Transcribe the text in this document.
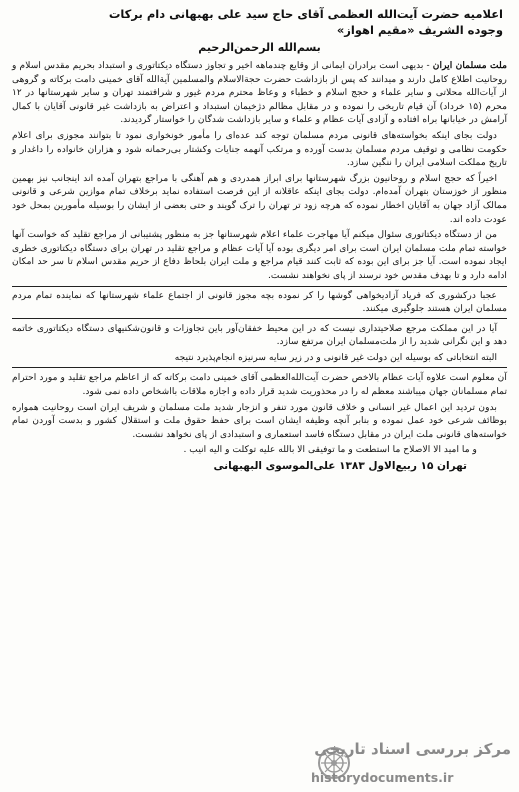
اعلامیه حضرت آیت‌الله العظمی آقای حاج سید علی بهبهانی دام برکات
وجوده الشریف «مقیم اهواز»
بسم‌الله الرحمن‌الرحیم

ملت مسلمان ایران - بدیهی است برادران ایمانی از وقایع چندماهه اخیر و تجاوز دستگاه دیکتاتوری و استبداد بحریم مقدس اسلام و روحانیت اطلاع کامل دارند و میدانند که پس از بازداشت حضرت حجة‌الاسلام والمسلمین آیة‌الله آقای خمینی دامت برکاته و گروهی از آیات‌الله محلاتی و سایر علماء و حجج اسلام و خطباء و وعاظ محترم مردم غیور و شرافتمند تهران و سایر شهرستانها در ۱۲ محرم (۱۵ خرداد) آن قیام تاریخی را نموده و در مقابل مظالم دژخیمان استبداد و اعتراض به بازداشت غیر قانونی آقایان با کمال آرامش در خیابانها براه افتاده و آزادی آیات عظام و علماء و سایر بازداشت شدگان را خواستار گردیدند.

دولت بجای اینکه بخواسته‌های قانونی مردم مسلمان توجه کند عده‌ای را مأمور خونخواری نمود تا بتوانند مجوزی برای اعلام حکومت نظامی و توقیف مردم مسلمان بدست آورده و مرتکب آنهمه جنایات وکشتار بی‌رحمانه شود و هزاران خانواده را داغدار و تاریخ مملکت اسلامی ایران را ننگین سازد.

اخیراً که حجج اسلام و روحانیون بزرگ شهرستانها برای ابراز همدردی و هم آهنگی با مراجع بتهران آمده اند اینجانب نیز بهمین منظور از خوزستان بتهران آمده‌ام. دولت بجای اینکه عاقلانه از این فرصت استفاده نماید برخلاف تمام موازین شرعی و قانونی ممالک آزاد جهان به آقایان اخطار نموده که هرچه زود تر تهران را ترک گویند و حتی بعضی از ایشان را بوسیله مأمورین بمحل خود عودت داده اند.

من از دستگاه دیکتاتوری سئوال میکنم آیا مهاجرت علماء اعلام شهرستانها جز به منظور پشتیبانی از مراجع تقلید که خواست آنها خواسته تمام ملت مسلمان ایران است برای امر دیگری بوده آیا آیات عظام و مراجع تقلید در تهران برای دستگاه دیکتاتوری خطری ایجاد نموده است. آیا جز برای این بوده که ثابت کنند قیام مراجع و ملت ایران بلحاظ دفاع از حریم مقدس اسلام تا سر حد امکان ادامه دارد و تا بهدف مقدس خود نرسند از پای نخواهند نشست.

عجبا درکشوری که فریاد آزادیخواهی گوشها را کر نموده بچه مجوز قانونی از اجتماع علماء شهرستانها که نماینده تمام مردم مسلمان ایران هستند جلوگیری میکنند.

آیا در این مملکت مرجع صلاحیتداری نیست که در این محیط خفقان‌آور باین تجاوزات و قانون‌شکنیهای دستگاه دیکتاتوری خاتمه دهد و این نگرانی شدید را از ملت‌مسلمان ایران مرتفع سازد.

البته انتخاباتی که بوسیله این دولت غیر قانونی و در زیر سایه سرنیزه انجام‌پذیرد نتیجه

آن معلوم است علاوه آیات عظام بالاخص حضرت آیت‌الله‌العظمی آقای خمینی دامت برکاته که از اعاظم مراجع تقلید و مورد احترام تمام مسلمانان جهان میباشند معظم له را در محذوریت شدید قرار داده و اجازه ملاقات بااشخاص داده نمی شود.

بدون تردید این اعمال غیر انسانی و خلاف قانون مورد تنفر و انزجار شدید ملت مسلمان و شریف ایران است روحانیت همواره بوظائف شرعی خود عمل نموده و بنابر آنچه وظیفه ایشان است برای حفظ حقوق ملت و استقلال کشور و بدست آوردن تمام خواسته‌های قانونی ملت ایران در مقابل دستگاه فاسد استعماری و استبدادی از پای نخواهد نشست.

و ما امید الا الاصلاح ما استطعت و ما توفیقی الا بالله علیه توکلت و الیه انیب .
تهران ۱۵ ربیع‌الاول ۱۳۸۳ علی‌الموسوی البهبهانی
مرکز بررسی اسناد تاریخی
historydocuments.ir
